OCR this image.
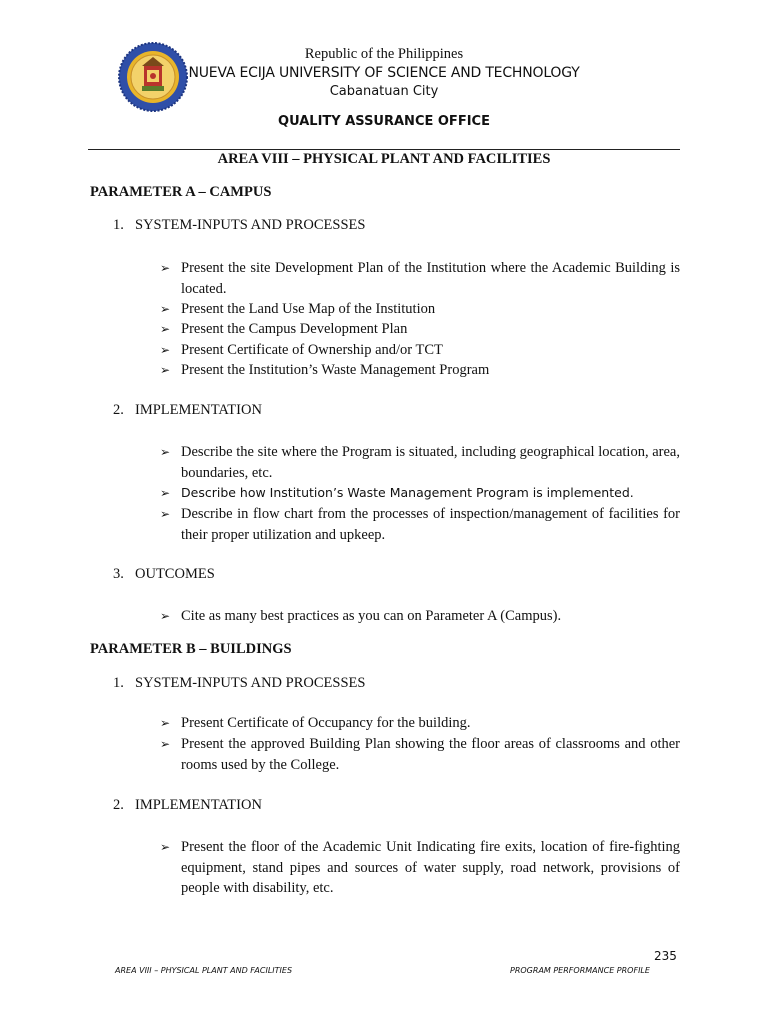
Republic of the Philippines
NUEVA ECIJA UNIVERSITY OF SCIENCE AND TECHNOLOGY
Cabanatuan City
QUALITY ASSURANCE OFFICE
AREA VIII – PHYSICAL PLANT AND FACILITIES
PARAMETER A – CAMPUS
1. SYSTEM-INPUTS AND PROCESSES
➢ Present the site Development Plan of the Institution where the Academic Building is located.
➢ Present the Land Use Map of the Institution
➢ Present the Campus Development Plan
➢ Present Certificate of Ownership and/or TCT
➢ Present the Institution’s Waste Management Program
2. IMPLEMENTATION
➢ Describe the site where the Program is situated, including geographical location, area, boundaries, etc.
➢ Describe how Institution’s Waste Management Program is implemented.
➢ Describe in flow chart from the processes of inspection/management of facilities for their proper utilization and upkeep.
3. OUTCOMES
➢ Cite as many best practices as you can on Parameter A (Campus).
PARAMETER B – BUILDINGS
1. SYSTEM-INPUTS AND PROCESSES
➢ Present Certificate of Occupancy for the building.
➢ Present the approved Building Plan showing the floor areas of classrooms and other rooms used by the College.
2. IMPLEMENTATION
➢ Present the floor of the Academic Unit Indicating fire exits, location of fire-fighting equipment, stand pipes and sources of water supply, road network, provisions of people with disability, etc.
235
AREA VIII – PHYSICAL PLANT AND FACILITIES	PROGRAM PERFORMANCE PROFILE
